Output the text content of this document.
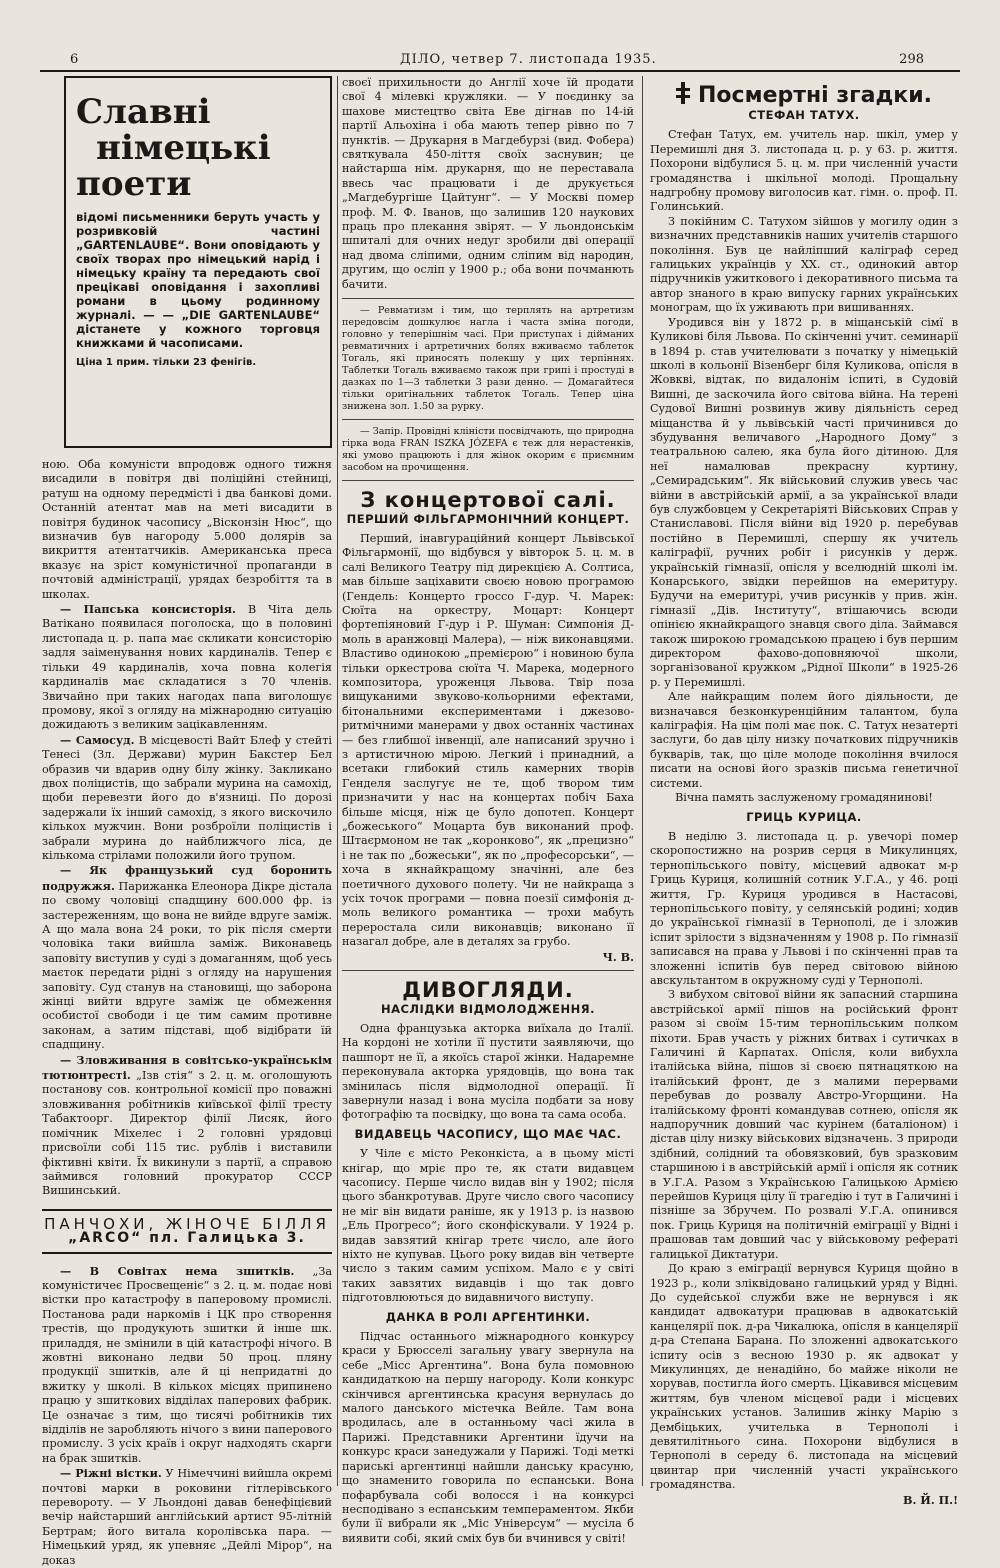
6	ДІЛО, четвер 7. листопада 1935.	298
Славні
німецькі
поети
відомі письменники беруть участь у розривковій частині „GARTENLAUBE“. Вони оповідають у своїх творах про німецький нарід і німецьку країну та передають свої прецікаві оповідання і захопливі романи в цьому родинному журналі. — — „DIE GARTENLAUBE“ дістанете у кожного торговця книжками й часописами.
Ціна 1 прим. тільки 23 фенігів.

ною. Оба комуністи впродовж одного тижня висадили в повітря дві поліційні стейниці, ратуш на одному передмісті і два банкові доми. Останній атентат мав на меті висадити в повітря будинок часопису „Вісконзін Нюс“, що визначив був нагороду 5.000 долярів за викриття атентатчиків. Американська преса вказує на зріст комуністичної пропаганди в почтовій адміністрації, урядах безробіття та в школах.

— Папська консисторія. В Чіта дель Ватікано появилася поголоска, що в половині листопада ц. р. папа має скликати консисторію задля заіменування нових кардиналів. Тепер є тільки 49 кардиналів, хоча повна колегія кардиналів має складатися з 70 членів. Звичайно при таких нагодах папа виголошує промову, якої з огляду на міжнародню ситуацію дожидають з великим зацікавленням.

— Самосуд. В місцевості Вайт Блеф у стейті Тенесі (Зл. Держави) мурин Бакстер Бел образив чи вдарив одну білу жінку. Закликано двох поліцистів, що забрали мурина на самохід, щоби перевезти його до в'язниці. По дорозі задержали їх інший самохід, з якого вискочило кількох мужчин. Вони розброїли поліцистів і забрали мурина до найближчого ліса, де кількома стрілами положили його трупом.

— Як французький суд боронить подружжя. Парижанка Елеонора Дікре дістала по свому чоловіці спадщину 600.000 фр. із застереженням, що вона не вийде вдруге заміж. А що мала вона 24 роки, то рік після смерти чоловіка таки вийшла заміж. Виконавець заповіту виступив у суді з домаганням, щоб уесь маєток передати рідні з огляду на нарушения заповіту. Суд станув на становищі, що заборона жінці вийти вдруге заміж це обмеження особистої свободи і це тим самим противне законам, а затим підставі, щоб відібрати їй спадщину.

— Зловживання в совітсько-українськім тютюнтресті. „Ізв стія“ з 2. ц. м. оголошують постанову сов. контрольної комісії про поважні зловживання робітників київської філії тресту Табактоорг. Директор філії Лисяк, його помічник Міхелес і 2 головні урядовці присвоїли собі 115 тис. рублів і виставили фіктивні квіти. Їх викинули з партії, а справою займився головний прокуратор СССР Вишинський.

ПАНЧОХИ, ЖІНОЧЕ БІЛЛЯ
„ARCO“ пл. Галицька 3.

— В Совітах нема зшитків. „За комуністичеє Просвещеніє“ з 2. ц. м. подає нові вістки про катастрофу в паперовому промислі. Постанова ради наркомів і ЦК про створення трестів, що продукують зшитки й інше шк. приладдя, не змінили в цій катастрофі нічого. В жовтні виконано ледви 50 проц. пляну продукції зшитків, але й ці непридатні до вжитку у школі. В кількох місцях припинено працю у зшиткових відділах паперових фабрик. Це означає з тим, що тисячі робітників тих відділів не заробляють нічого з вини паперового промислу. З усіх країв і округ надходять скарги на брак зшитків.

— Ріжні вістки. У Німеччині вийшла окремі почтові марки в роковини гітлерівського перевороту. — У Льондоні давав бенефіцієвий вечір найстарший англійський артист 95-літній Бертрам; його витала королівська пара. — Німецький уряд, як упевняє „Дейлі Мірор“, на доказ

своєї прихильности до Англії хоче їй продати свої 4 мілевкі кружляки. — У поєдинку за шахове мистецтво світа Еве дігнав по 14-ій партії Альохіна і оба мають тепер рівно по 7 пунктів. — Друкарня в Магдебурзі (вид. Фобера) святкувала 450-ліття своїх заснувин; це найстарша нім. друкарня, що не переставала ввесь час працювати і де друкується „Магдебургіше Цайтунг“. — У Москві помер проф. М. Ф. Іванов, що залишив 120 наукових праць про плекання звірят. — У льондонськім шпиталі для очних недуг зробили дві операції над двома сліпими, одним сліпим від народин, другим, що осліп у 1900 р.; оба вони почманють бачити.

— Ревматизм і тим, що терплять на артретизм передовсім дошкулює нагла і часта зміна погоди, головно у теперішнім часі. При приступах і дійманих ревматичних і артретичних болях вживаємо таблеток Тогаль, які приносять полекшу у цих терпіннях. Таблетки Тогаль вживаємо також при грипі і простуді в дазках по 1—3 таблетки 3 рази денно. — Домагайтеся тільки оригінальних таблеток Тогаль. Тепер ціна знижена зол. 1.50 за рурку.

— Запір. Провідні кліністи посвідчають, що природна гірка вода FRAN ISZKA JÓZEFA є теж для нерастенків, які умово працюють і для жінок окорим є приємним засобом на прочищення.

З концертової салі.
ПЕРШИЙ ФІЛЬГАРМОНІЧНИЙ КОНЦЕРТ.

Перший, інавгураційний концерт Львівської Фільгармонії, що відбувся у вівторок 5. ц. м. в салі Великого Театру під дирекцією А. Солтиса, мав більше заціхавити своєю новою програмою (Гендель: Концерто гроссо Г-дур. Ч. Марек: Сюїта на оркестру, Моцарт: Концерт фортепіяновий Г-дур і Р. Шуман: Симпонія Д-моль в аранжовці Малера), — ніж виконавцями. Властиво одинокою „премієрою“ і новиною була тільки оркестрова сюїта Ч. Марека, модерного композитора, уроженця Львова. Твір поза вищуканими звуково-кольорними ефектами, бітональними експериментами і джезово-ритмічними манерами у двох останніх частинах — без глибшої інвенції, але написаний зручно і з артистичною мірою. Легкий і принадний, а всетаки глибокий стиль камерних творів Генделя заслугує не те, щоб твором тим призначити у нас на концертах побіч Баха більше місця, ніж це було допотеп. Концерт „божеського“ Моцарта був виконаний проф. Штаєрмоном не так „коронково“, як „прецизно“ і не так по „божеськи“, як по „професорськи“, — хоча в якнайкращому значінні, але без поетичного духового полету. Чи не найкраща з усіх точок програми — повна поезії симфонія д-моль великого романтика — трохи мабуть переростала сили виконавців; виконано її назагал добре, але в деталях за грубо.

Ч. В.
ДИВОГЛЯДИ.
НАСЛІДКИ ВІДМОЛОДЖЕННЯ.

Одна французька акторка виїхала до Італії. На кордоні не хотіли її пустити заявляючи, що пашпорт не її, а якоїсь старої жінки. Надаремне переконувала акторка урядовців, що вона так змінилась після відмолодної операції. Її завернули назад і вона мусіла подбати за нову фотографію та посвідку, що вона та сама особа.

ВИДАВЕЦЬ ЧАСОПИСУ, ЩО МАЄ ЧАС.

У Чіле є місто Реконкіста, а в цьому місті кнігар, що мріє про те, як стати видавцем часопису. Перше число видав він у 1902; після цього збанкротував. Друге число свого часопису не міг він видати раніше, як у 1913 р. із назвою „Ель Прогресо“; його сконфіскували. У 1924 р. видав завзятий кнігар третє число, але його ніхто не купував. Цього року видав він четверте число з таким самим успіхом. Мало є у світі таких завзятих видавців і що так довго підготовлюються до видавничого виступу.

ДАНКА В РОЛІ АРГЕНТИНКИ.

Підчас останнього міжнародного конкурсу краси у Брюсселі загальну увагу звернула на себе „Місс Аргентина“. Вона була помовною кандидаткою на першу нагороду. Коли конкурс скінчився аргентинська красуня вернулась до малого данського містечка Вейле. Там вона вродилась, але в останньому часі жила в Парижі. Представники Аргентини їдучи на конкурс краси занедужали у Парижі. Тоді меткі париські аргентинці найшли данську красуню, що знаменито говорила по еспанськи. Вона пофарбувала собі волосся і на конкурсі несподівано з еспанським темпераментом. Якби були її вибрали як „Міс Універсум“ — мусіла б виявити собі, який сміх був би вчинився у світі!

Посмертні згадки.
СТЕФАН ТАТУХ.

Стефан Татух, ем. учитель нар. шкіл, умер у Перемишлі дня 3. листопада ц. р. у 63. р. життя. Похорони відбулися 5. ц. м. при численній участи громадянства і шкільної молоді. Прощальну надгробну промову виголосив кат. гімн. о. проф. П. Голинський.

З покійним С. Татухом зійшов у могилу один з визначних представників наших учителів старшого покоління. Був це найліпший каліграф серед галицьких українців у XX. ст., одинокий автор підручників ужиткового і декоративного письма та автор знаного в краю випуску гарних українських монограм, що їх уживають при вишиваннях.

Уродився він у 1872 р. в міщанській сімї в Куликові біля Львова. По скінченні учит. семинарії в 1894 р. став учителювати з початку у німецькій школі в кольонії Візенберг біля Куликова, опісля в Жовкві, відтак, по видалонім іспиті, в Судовій Вишні, де заскочила його світова війна. На терені Судової Вишні розвинув живу діяльність серед міщанства й у львівській часті причинився до збудування величавого „Народного Дому“ з театральною салею, яка була його дітиною. Для неї намалював прекрасну куртину, „Семирадським“. Як військовий служив увесь час війни в австрійській армії, а за української влади був службовцем у Секретаріяті Військових Справ у Станиславові. Після війни від 1920 р. перебував постійно в Перемишлі, спершу як учитель каліграфії, ручних робіт і рисунків у держ. українській гімназії, опісля у вселюдній школі ім. Конарського, звідки перейшов на емеритуру. Будучи на емеритурі, учив рисунків у прив. жін. гімназії „Дів. Інституту“, втішаючись всюди опінією якнайкращого знавця свого діла. Займався також широкою громадською працею і був першим директором фахово-доповняючої школи, зорганізованої кружком „Рідної Школи“ в 1925-26 р. у Перемишлі.

Але найкращим полем його діяльности, де визначався безконкуренційним талантом, була каліграфія. На цім полі має пок. С. Татух незатерті заслуги, бо дав цілу низку початкових підручників букварів, так, що ціле молоде покоління вчилося писати на основі його зразків письма генетичної системи.

Вічна память заслуженому громадянинові!

ГРИЦЬ КУРИЦА.

В неділю 3. листопада ц. р. увечорі помер скоропостижно на розрив серця в Микулинцях, тернопільського повіту, місцевий адвокат м-р Гриць Куриця, колишній сотник У.Г.А., у 46. році життя, Гр. Куриця уродився в Настасові, тернопільського повіту, у селянській родині; ходив до української гімназії в Тернополі, де і зложив іспит зрілости з відзначенням у 1908 р. По гімназії записався на права у Львові і по скінченні прав та зложенні іспитів був перед світовою війною авскультантом в окружному суді у Тернополі.

З вибухом світової війни як запасний старшина австрійської армії пішов на російський фронт разом зі своїм 15-тим тернопільським полком піхоти. Брав участь у ріжних битвах і сутичках в Галичині й Карпатах. Опісля, коли вибухла італійська війна, пішов зі своєю пятнацяткою на італійський фронт, де з малими перервами перебував до розвалу Австро-Угорщини. На італійському фронті командував сотнею, опісля як надпоручник довший час курінем (баталіоном) і дістав цілу низку військових відзначень. З природи здібний, солідний та обовязковий, був зразковим старшиною і в австрійській армії і опісля як сотник в У.Г.А. Разом з Українською Галицькою Армією перейшов Куриця цілу її трагедію і тут в Галичині і пізніше за Збручем. По розвалі У.Г.А. опинився пок. Гриць Куриця на політичній еміграції у Відні і прашовав там довший час у військовому рефераті галицької Диктатури.

До краю з еміграції вернувся Куриця щойно в 1923 р., коли зліквідовано галицький уряд у Відні. До судейської служби вже не вернувся і як кандидат адвокатури працював в адвокатській канцелярії пок. д-ра Чикалюка, опісля в канцелярії д-ра Степана Барана. По зложенні адвокатського іспиту осів з весною 1930 р. як адвокат у Микулинцях, де ненадійно, бо майже ніколи не хорував, постигла його смерть. Цікавився місцевим життям, був членом місцевої ради і місцевих українських установ. Залишив жінку Марію з Дембіцьких, учителька в Тернополі і девятилітнього сина. Похорони відбулися в Тернополі в середу 6. листопада на місцевий цвинтар при численній участі українського громадянства.

В. Й. П.!
